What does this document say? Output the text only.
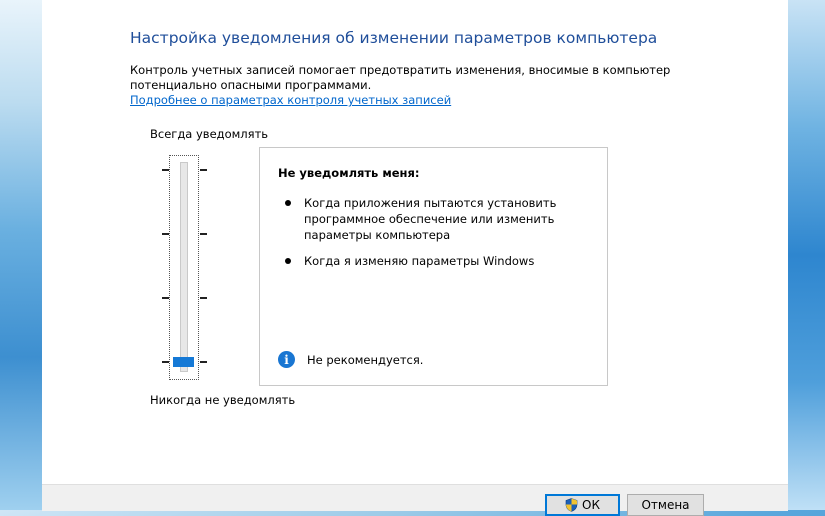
Настройка уведомления об изменении параметров компьютера
Контроль учетных записей помогает предотвратить изменения, вносимые в компьютер потенциально опасными программами.
Подробнее о параметрах контроля учетных записей
Всегда уведомлять
Никогда не уведомлять
Не уведомлять меня:
Когда приложения пытаются установить программное обеспечение или изменить параметры компьютера
Когда я изменяю параметры Windows
i	Не рекомендуется.
ОК	Отмена
